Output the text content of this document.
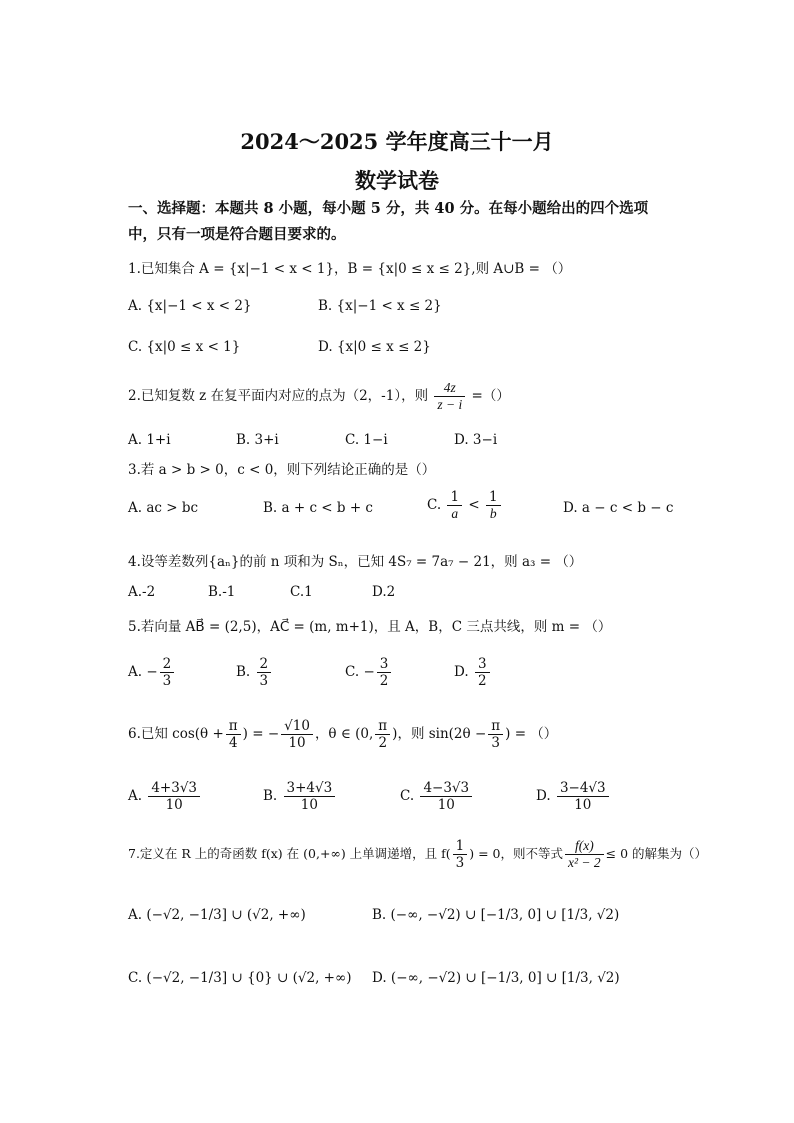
2024～2025 学年度高三十一月
数学试卷
一、选择题：本题共 8 小题，每小题 5 分，共 40 分。在每小题给出的四个选项中，只有一项是符合题目要求的。
1.已知集合 A = {x|−1 < x < 1}，B = {x|0 ≤ x ≤ 2},则 A∪B = （）
A. {x|−1 < x < 2}	B. {x|−1 < x ≤ 2}
C. {x|0 ≤ x < 1}	D. {x|0 ≤ x ≤ 2}
2.已知复数 z 在复平面内对应的点为（2，-1），则 $\frac{4z}{z - i}$ =（）
A. 1+i	B. 3+i	C. 1−i	D. 3−i
3.若 a > b > 0，c < 0，则下列结论正确的是（）
A. ac > bc	B. a + c < b + c	C. $\frac{1}{a} < \frac{1}{b}$	D. a − c < b − c
4.设等差数列{aₙ}的前 n 项和为 Sₙ，已知 4S₇ = 7a₇ − 21，则 a₃ = （）
A.-2	B.-1	C.1	D.2
5.若向量 AB⃗ = (2,5)，AC⃗ = (m, m+1)，且 A，B，C 三点共线，则 m = （）
A. − $\frac{2}{3}$	B. $\frac{2}{3}$	C. − $\frac{3}{2}$	D. $\frac{3}{2}$
6.已知 $\cos(\theta + \frac{\pi}{4}$ ) = − $\frac{√10}{10}$ ，θ ∈ (0, $\frac{\pi}{2}$ )，则 $\sin(2\theta - \frac{\pi}{3}$ ) = （）
A. $\frac{4+3√3}{10}$	B. $\frac{3+4√3}{10}$	C. $\frac{4-3√3}{10}$	D. $\frac{3-4√3}{10}$
7.定义在 R 上的奇函数 f(x) 在 (0,+∞) 上单调递增，且 $f( \frac{1}{3}$ ) = 0，则不等式 $\frac{f(x)}{\text{x² − 2}} \le 0$ 的解集为（）
A. (−√2, −1/3] ∪ (√2, +∞)	B. (−∞, −√2) ∪ [−1/3, 0] ∪ [1/3, √2)
C. (−√2, −1/3] ∪ {0} ∪ (√2, +∞) D. (−∞, −√2) ∪ [−1/3, 0] ∪ [1/3, √2)
